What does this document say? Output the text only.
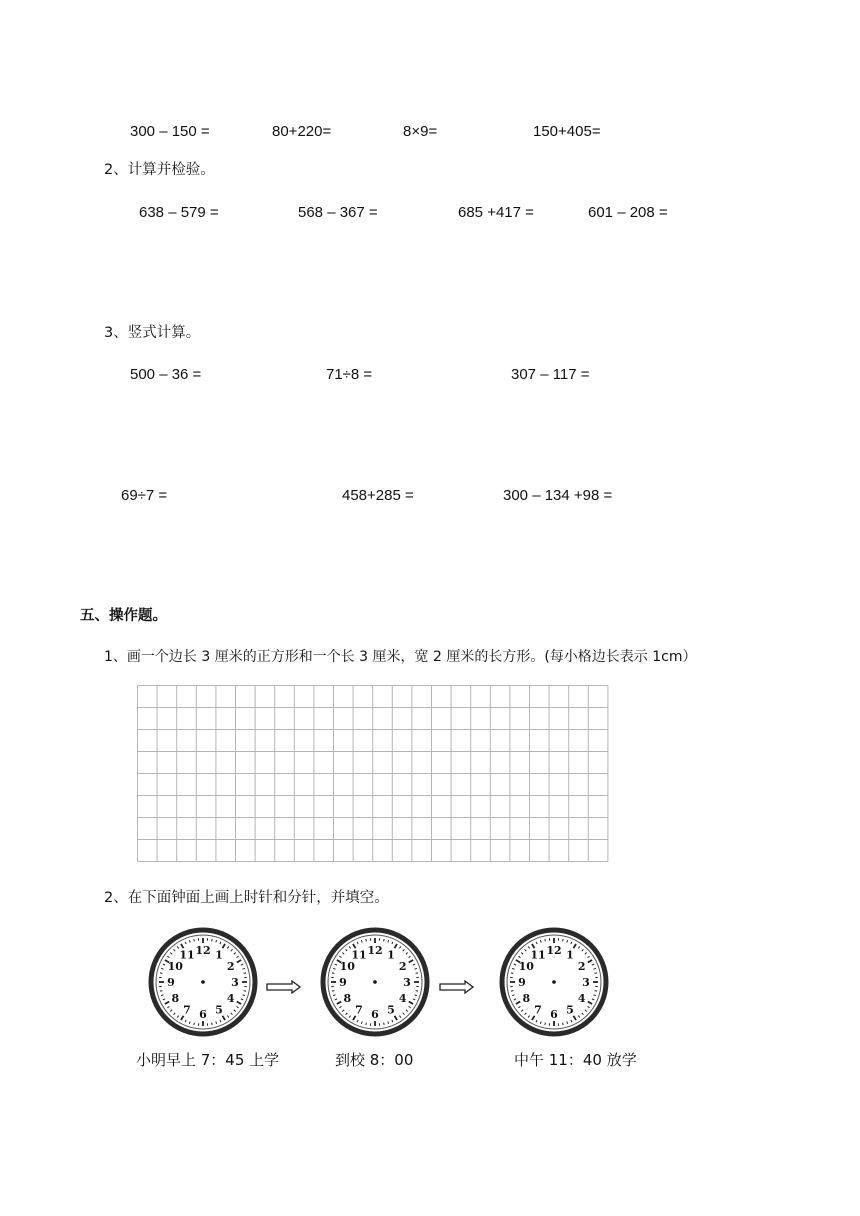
300 – 150 =	80+220=	8×9=	150+405=
2、计算并检验。
638 – 579 =	568 – 367 =	685 +417 =	601 – 208 =
3、竖式计算。
500 – 36 =	71÷8 =	307 – 117 =
69÷7 =	458+285 =	300 – 134 +98 =
五、操作题。
1、画一个边长 3 厘米的正方形和一个长 3 厘米，宽 2 厘米的长方形。(每小格边长表示 1cm）
2、在下面钟面上画上时针和分针，并填空。
12 1
2
3
4
5
6
7
8
9
10
11	12 1
2
3
4
5
6
7
8
9
10
11	12 1
2
3
4
5
6
7
8
9
10
11
小明早上 7：45 上学	到校 8：00	中午 11：40 放学
